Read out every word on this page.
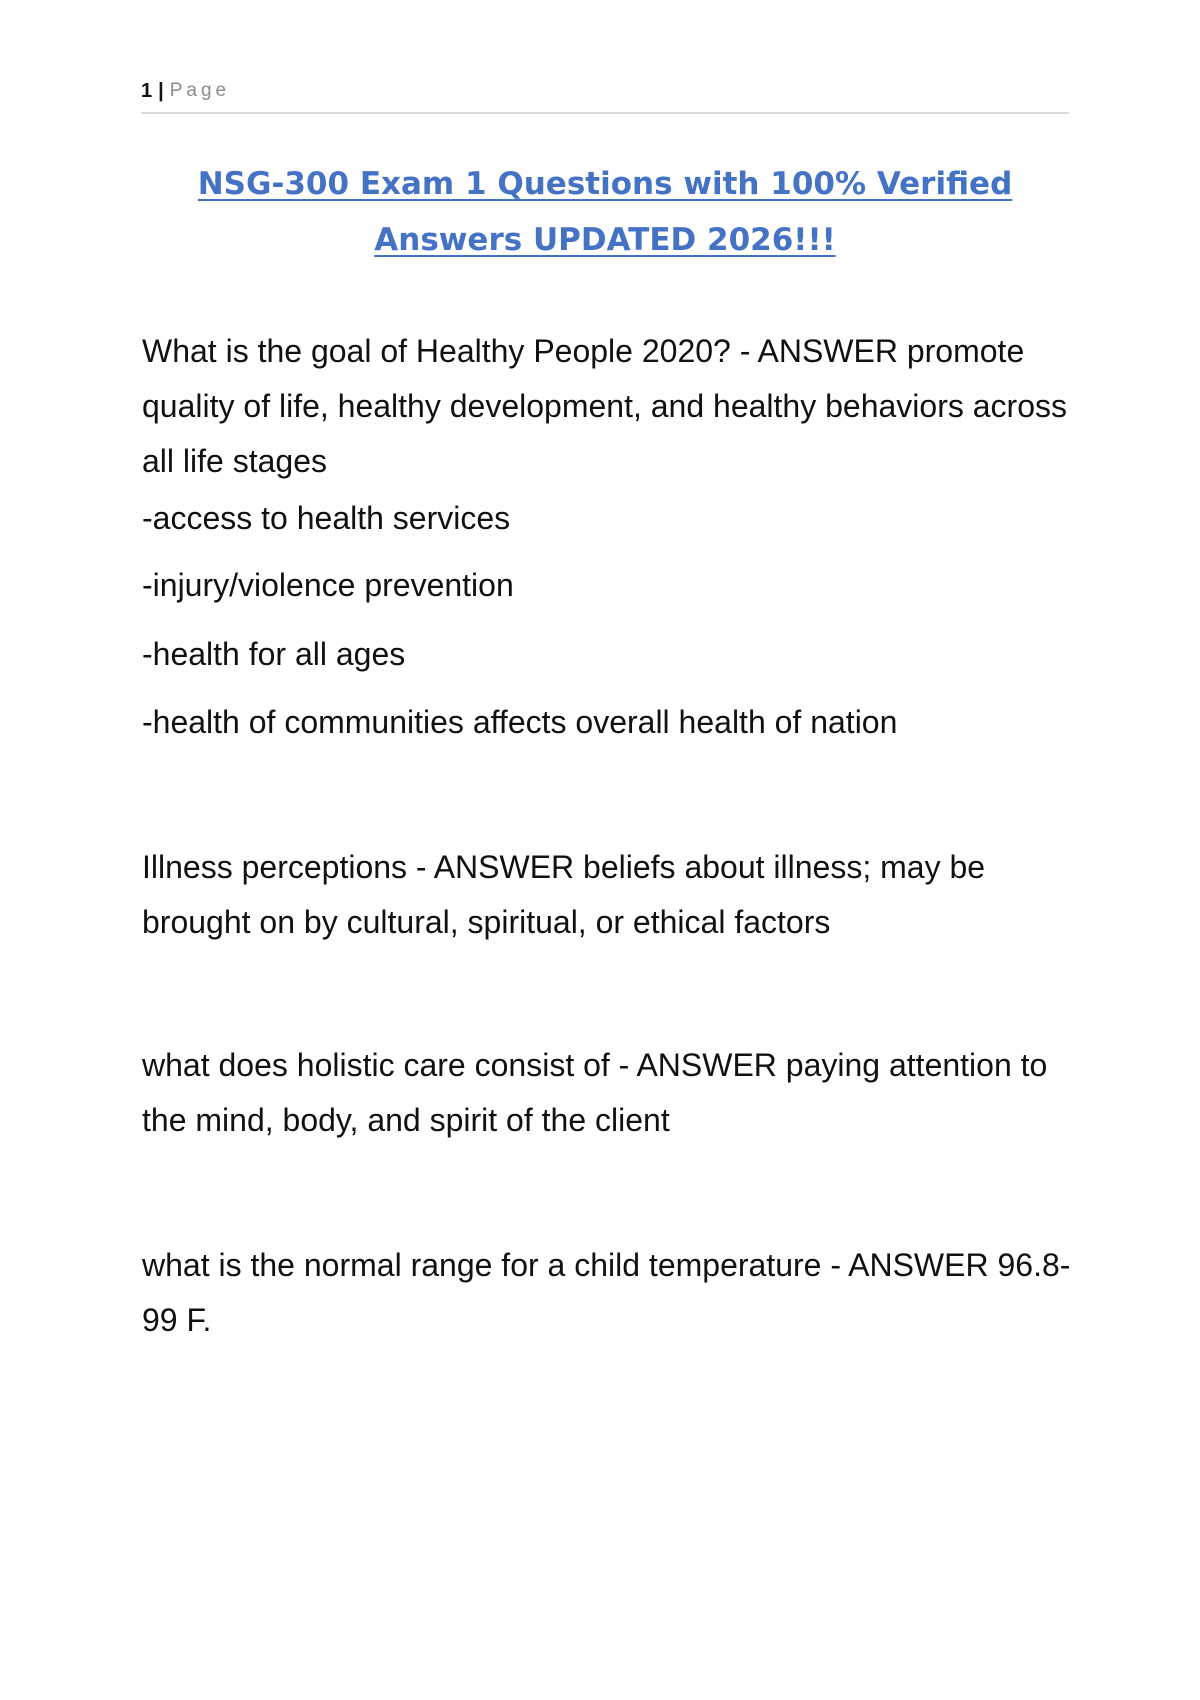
1 | Page
NSG-300 Exam 1 Questions with 100% Verified
Answers UPDATED 2026!!!

What is the goal of Healthy People 2020? - ANSWER promote quality of life, healthy development, and healthy behaviors across all life stages

-access to health services

-injury/violence prevention

-health for all ages

-health of communities affects overall health of nation

Illness perceptions - ANSWER beliefs about illness; may be brought on by cultural, spiritual, or ethical factors

what does holistic care consist of - ANSWER paying attention to the mind, body, and spirit of the client

what is the normal range for a child temperature - ANSWER 96.8-99 F.
